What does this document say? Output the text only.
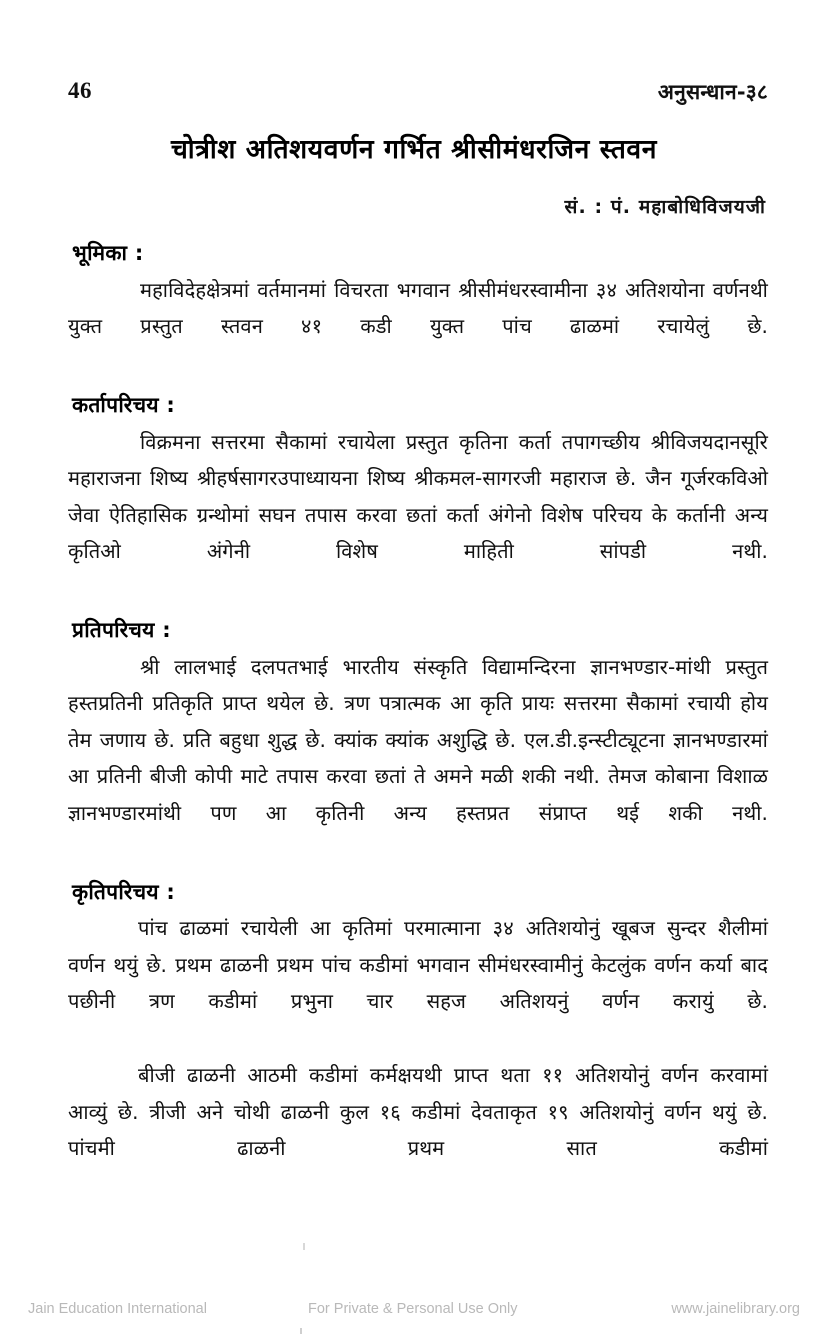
46	अनुसन्धान-३८
चोत्रीश अतिशयवर्णन गर्भित श्रीसीमंधरजिन स्तवन
सं. : पं. महाबोधिविजयजी
भूमिका :

महाविदेहक्षेत्रमां वर्तमानमां विचरता भगवान श्रीसीमंधरस्वामीना ३४ अतिशयोना वर्णनथी युक्त प्रस्तुत स्तवन ४१ कडी युक्त पांच ढाळमां रचायेलुं छे.

कर्तापरिचय :

विक्रमना सत्तरमा सैकामां रचायेला प्रस्तुत कृतिना कर्ता तपागच्छीय श्रीविजयदानसूरि महाराजना शिष्य श्रीहर्षसागरउपाध्यायना शिष्य श्रीकमल-सागरजी महाराज छे. जैन गूर्जरकविओ जेवा ऐतिहासिक ग्रन्थोमां सघन तपास करवा छतां कर्ता अंगेनो विशेष परिचय के कर्तानी अन्य कृतिओ अंगेनी विशेष माहिती सांपडी नथी.

प्रतिपरिचय :

श्री लालभाई दलपतभाई भारतीय संस्कृति विद्यामन्दिरना ज्ञानभण्डार-मांथी प्रस्तुत हस्तप्रतिनी प्रतिकृति प्राप्त थयेल छे. त्रण पत्रात्मक आ कृति प्रायः सत्तरमा सैकामां रचायी होय तेम जणाय छे. प्रति बहुधा शुद्ध छे. क्यांक क्यांक अशुद्धि छे. एल.डी.इन्स्टीट्यूटना ज्ञानभण्डारमां आ प्रतिनी बीजी कोपी माटे तपास करवा छतां ते अमने मळी शकी नथी. तेमज कोबाना विशाळ ज्ञानभण्डारमांथी पण आ कृतिनी अन्य हस्तप्रत संप्राप्त थई शकी नथी.

कृतिपरिचय :

पांच ढाळमां रचायेली आ कृतिमां परमात्माना ३४ अतिशयोनुं खूबज सुन्दर शैलीमां वर्णन थयुं छे. प्रथम ढाळनी प्रथम पांच कडीमां भगवान सीमंधरस्वामीनुं केटलुंक वर्णन कर्या बाद पछीनी त्रण कडीमां प्रभुना चार सहज अतिशयनुं वर्णन करायुं छे.

बीजी ढाळनी आठमी कडीमां कर्मक्षयथी प्राप्त थता ११ अतिशयोनुं वर्णन करवामां आव्युं छे. त्रीजी अने चोथी ढाळनी कुल १६ कडीमां देवताकृत १९ अतिशयोनुं वर्णन थयुं छे. पांचमी ढाळनी प्रथम सात कडीमां

Jain Education International	For Private & Personal Use Only	www.jainelibrary.org
